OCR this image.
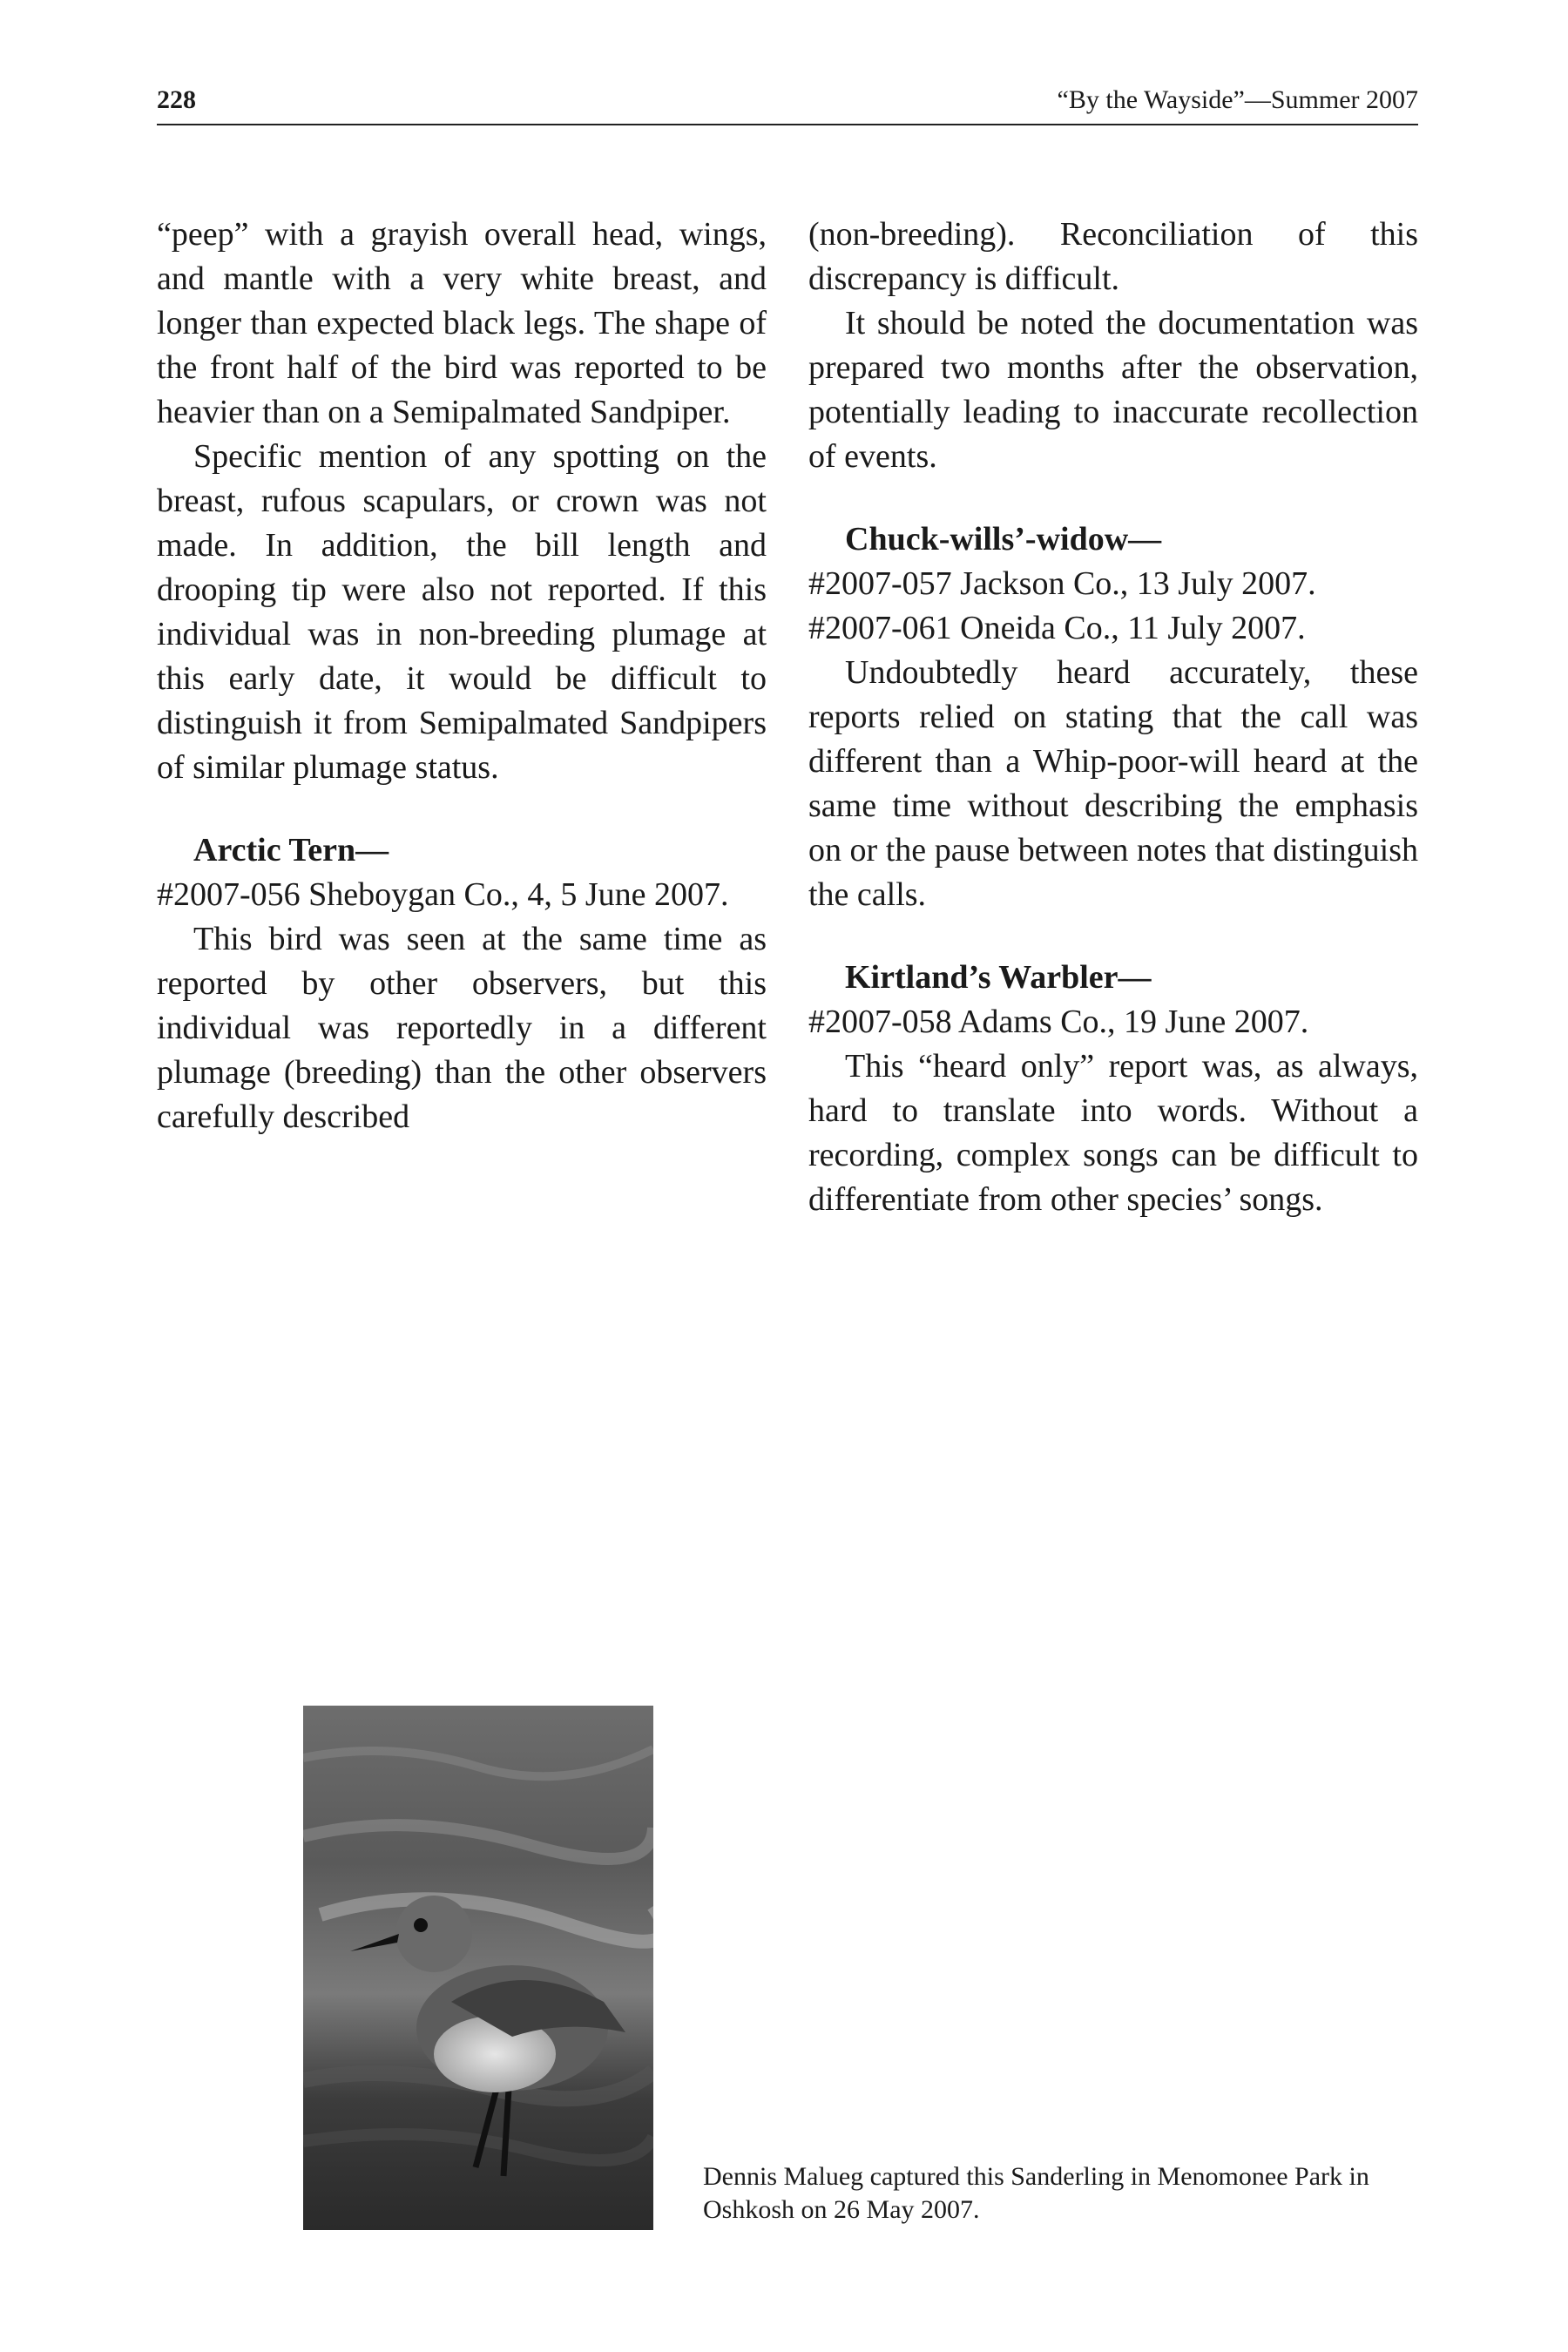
228	“By the Wayside”—Summer 2007

“peep” with a grayish overall head, wings, and mantle with a very white breast, and longer than expected black legs. The shape of the front half of the bird was reported to be heavier than on a Semipalmated Sandpiper.

Specific mention of any spotting on the breast, rufous scapulars, or crown was not made. In addition, the bill length and drooping tip were also not reported. If this individual was in non-breeding plumage at this early date, it would be difficult to distinguish it from Semipalmated Sandpipers of similar plumage status.

Arctic Tern—

#2007-056 Sheboygan Co., 4, 5 June 2007.

This bird was seen at the same time as reported by other observers, but this individual was reportedly in a different plumage (breeding) than the other observers carefully described

(non-breeding). Reconciliation of this discrepancy is difficult.

It should be noted the documentation was prepared two months after the observation, potentially leading to inaccurate recollection of events.

Chuck-wills’-widow—

#2007-057 Jackson Co., 13 July 2007.

#2007-061 Oneida Co., 11 July 2007.

Undoubtedly heard accurately, these reports relied on stating that the call was different than a Whip-poor-will heard at the same time without describing the emphasis on or the pause between notes that distinguish the calls.

Kirtland’s Warbler—

#2007-058 Adams Co., 19 June 2007.

This “heard only” report was, as always, hard to translate into words. Without a recording, complex songs can be difficult to differentiate from other species’ songs.

Dennis Malueg captured this Sanderling in Menomonee Park in Oshkosh on 26 May 2007.
